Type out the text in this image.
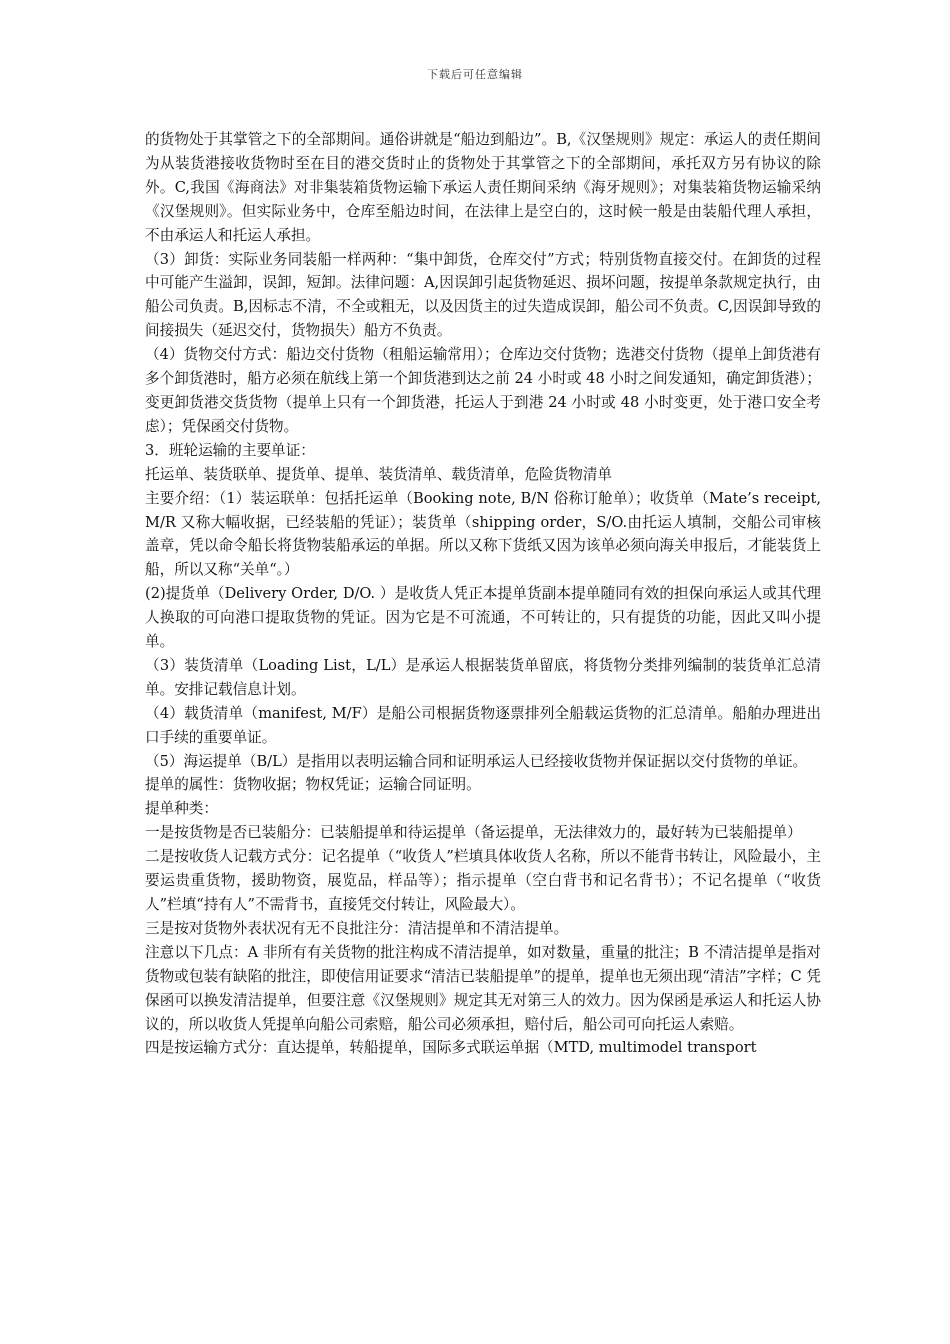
下载后可任意编辑

的货物处于其掌管之下的全部期间。通俗讲就是“船边到船边”。B,《汉堡规则》规定：承运人的责任期间为从装货港接收货物时至在目的港交货时止的货物处于其掌管之下的全部期间，承托双方另有协议的除外。C,我国《海商法》对非集装箱货物运输下承运人责任期间采纳《海牙规则》；对集装箱货物运输采纳《汉堡规则》。但实际业务中，仓库至船边时间，在法律上是空白的，这时候一般是由装船代理人承担，不由承运人和托运人承担。

（3）卸货：实际业务同装船一样两种：“集中卸货，仓库交付”方式；特别货物直接交付。在卸货的过程中可能产生溢卸，误卸，短卸。法律问题：A,因误卸引起货物延迟、损坏问题，按提单条款规定执行，由船公司负责。B,因标志不清，不全或粗无，以及因货主的过失造成误卸，船公司不负责。C,因误卸导致的间接损失（延迟交付，货物损失）船方不负责。

（4）货物交付方式：船边交付货物（租船运输常用）；仓库边交付货物；选港交付货物（提单上卸货港有多个卸货港时，船方必须在航线上第一个卸货港到达之前 24 小时或 48 小时之间发通知，确定卸货港）；变更卸货港交货货物（提单上只有一个卸货港，托运人于到港 24 小时或 48 小时变更，处于港口安全考虑）；凭保函交付货物。

3．班轮运输的主要单证：

托运单、装货联单、提货单、提单、装货清单、载货清单，危险货物清单

主要介绍：（1）装运联单：包括托运单（Booking note, B/N 俗称订舱单）；收货单（Mate’s receipt, M/R 又称大幅收据，已经装船的凭证）；装货单（shipping order，S/O.由托运人填制，交船公司审核盖章，凭以命令船长将货物装船承运的单据。所以又称下货纸又因为该单必须向海关申报后，才能装货上船，所以又称“关单“。）

(2)提货单（Delivery Order, D/O. ）是收货人凭正本提单货副本提单随同有效的担保向承运人或其代理人换取的可向港口提取货物的凭证。因为它是不可流通，不可转让的，只有提货的功能，因此又叫小提单。

（3）装货清单（Loading List，L/L）是承运人根据装货单留底，将货物分类排列编制的装货单汇总清单。安排记载信息计划。

（4）载货清单（manifest, M/F）是船公司根据货物逐票排列全船载运货物的汇总清单。船舶办理进出口手续的重要单证。

（5）海运提单（B/L）是指用以表明运输合同和证明承运人已经接收货物并保证据以交付货物的单证。

提单的属性：货物收据；物权凭证；运输合同证明。

提单种类：

一是按货物是否已装船分：已装船提单和待运提单（备运提单，无法律效力的，最好转为已装船提单）

二是按收货人记载方式分：记名提单（“收货人”栏填具体收货人名称，所以不能背书转让，风险最小，主要运贵重货物，援助物资，展览品，样品等）；指示提单（空白背书和记名背书）；不记名提单（“收货人”栏填“持有人”不需背书，直接凭交付转让，风险最大）。

三是按对货物外表状况有无不良批注分：清洁提单和不清洁提单。

注意以下几点：A 非所有有关货物的批注构成不清洁提单，如对数量，重量的批注；B 不清洁提单是指对货物或包装有缺陷的批注，即使信用证要求“清洁已装船提单”的提单，提单也无须出现“清洁”字样；C 凭保函可以换发清洁提单，但要注意《汉堡规则》规定其无对第三人的效力。因为保函是承运人和托运人协议的，所以收货人凭提单向船公司索赔，船公司必须承担，赔付后，船公司可向托运人索赔。

四是按运输方式分：直达提单，转船提单，国际多式联运单据（MTD, multimodel transport
